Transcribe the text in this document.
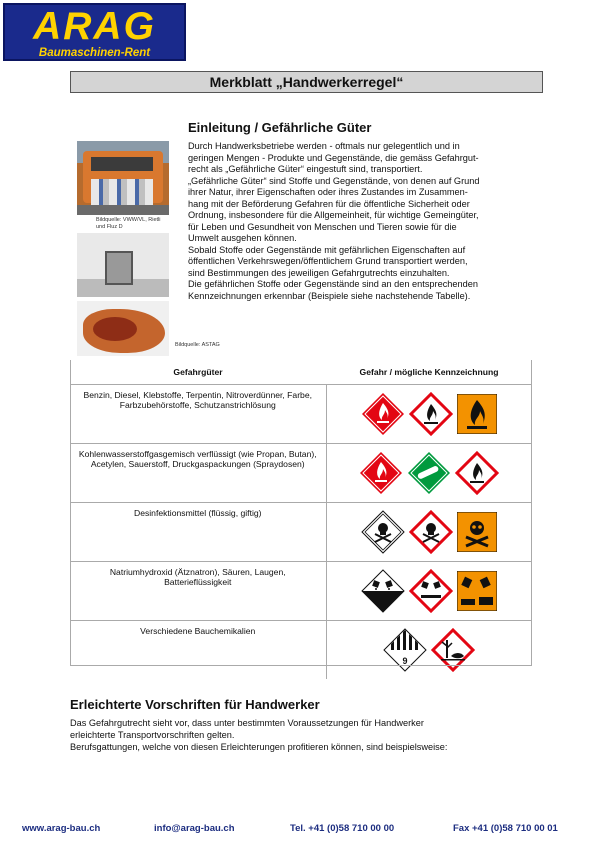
ARAG
Baumaschinen-Rent
Merkblatt „Handwerkerregel“
Einleitung / Gefährliche Güter
Bildquelle: VWW/VL, Rietli und Fluz D
Bildquelle: ASTAG

Durch Handwerksbetriebe werden - oftmals nur gelegentlich und in

geringen Mengen - Produkte und Gegenstände, die gemäss Gefahrgut-

recht als „Gefährliche Güter“ eingestuft sind, transportiert.

„Gefährliche Güter“ sind Stoffe und Gegenstände, von denen auf Grund

ihrer Natur, ihrer Eigenschaften oder ihres Zustandes im Zusammen-

hang mit der Beförderung Gefahren für die öffentliche Sicherheit oder

Ordnung, insbesondere für die Allgemeinheit, für wichtige Gemeingüter,

für Leben und Gesundheit von Menschen und Tieren sowie für die

Umwelt ausgehen können.

Sobald Stoffe oder Gegenstände mit gefährlichen Eigenschaften auf

öffentlichen Verkehrswegen/öffentlichem Grund transportiert werden,

sind Bestimmungen des jeweiligen Gefahrgutrechts einzuhalten.

Die gefährlichen Stoffe oder Gegenstände sind an den entsprechenden

Kennzeichnungen erkennbar (Beispiele siehe nachstehende Tabelle).

Gefahrgüter	Gefahr / mögliche Kennzeichnung
Benzin, Diesel, Klebstoffe, Terpentin, Nitroverdünner, Farbe, Farbzubehörstoffe, Schutzanstrichlösung	

Kohlenwasserstoffgasgemisch verflüssigt (wie Propan, Butan), Acetylen, Sauerstoff, Druckgaspackungen (Spraydosen)	

Desinfektionsmittel (flüssig, giftig)	

Natriumhydroxid (Ätznatron), Säuren, Laugen, Batterieflüssigkeit	

Verschiedene Bauchemikalien	9
Erleichterte Vorschriften für Handwerker

Das Gefahrgutrecht sieht vor, dass unter bestimmten Voraussetzungen für Handwerker

erleichterte Transportvorschriften gelten.

Berufsgattungen, welche von diesen Erleichterungen profitieren können, sind beispielsweise:

www.arag-bau.ch	info@arag-bau.ch	Tel. +41 (0)58 710 00 00	Fax +41 (0)58 710 00 01
